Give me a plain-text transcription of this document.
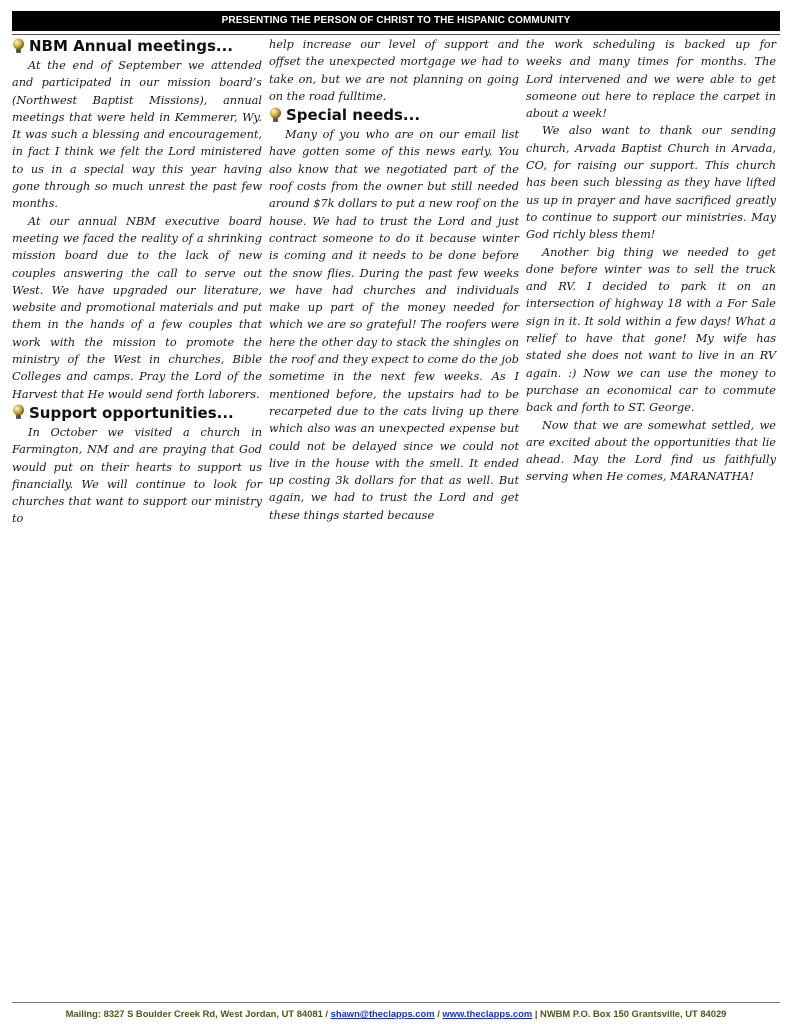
PRESENTING THE PERSON OF CHRIST TO THE HISPANIC COMMUNITY
NBM Annual meetings...

At the end of September we attended and participated in our mission board’s (Northwest Baptist Missions), annual meetings that were held in Kemmerer, Wy. It was such a blessing and encouragement, in fact I think we felt the Lord ministered to us in a special way this year having gone through so much unrest the past few months.

At our annual NBM executive board meeting we faced the reality of a shrinking mission board due to the lack of new couples answering the call to serve out West. We have upgraded our literature, website and promotional materials and put them in the hands of a few couples that work with the mission to promote the ministry of the West in churches, Bible Colleges and camps. Pray the Lord of the Harvest that He would send forth laborers.

Support opportunities...

In October we visited a church in Farmington, NM and are praying that God would put on their hearts to support us financially. We will continue to look for churches that want to support our ministry to

help increase our level of support and offset the unexpected mortgage we had to take on, but we are not planning on going on the road fulltime.

Special needs...

Many of you who are on our email list have gotten some of this news early. You also know that we negotiated part of the roof costs from the owner but still needed around $7k dollars to put a new roof on the house. We had to trust the Lord and just contract someone to do it because winter is coming and it needs to be done before the snow flies. During the past few weeks we have had churches and individuals make up part of the money needed for which we are so grateful! The roofers were here the other day to stack the shingles on the roof and they expect to come do the job sometime in the next few weeks. As I mentioned before, the upstairs had to be recarpeted due to the cats living up there which also was an unexpected expense but could not be delayed since we could not live in the house with the smell. It ended up costing 3k dollars for that as well. But again, we had to trust the Lord and get these things started because

the work scheduling is backed up for weeks and many times for months. The Lord intervened and we were able to get someone out here to replace the carpet in about a week!

We also want to thank our sending church, Arvada Baptist Church in Arvada, CO, for raising our support. This church has been such blessing as they have lifted us up in prayer and have sacrificed greatly to continue to support our ministries. May God richly bless them!

Another big thing we needed to get done before winter was to sell the truck and RV. I decided to park it on an intersection of highway 18 with a For Sale sign in it. It sold within a few days! What a relief to have that gone! My wife has stated she does not want to live in an RV again. :) Now we can use the money to purchase an economical car to commute back and forth to ST. George.

Now that we are somewhat settled, we are excited about the opportunities that lie ahead. May the Lord find us faithfully serving when He comes, MARANATHA!

Mailing: 8327 S Boulder Creek Rd, West Jordan, UT 84081 / shawn@theclapps.com / www.theclapps.com | NWBM P.O. Box 150 Grantsville, UT 84029
